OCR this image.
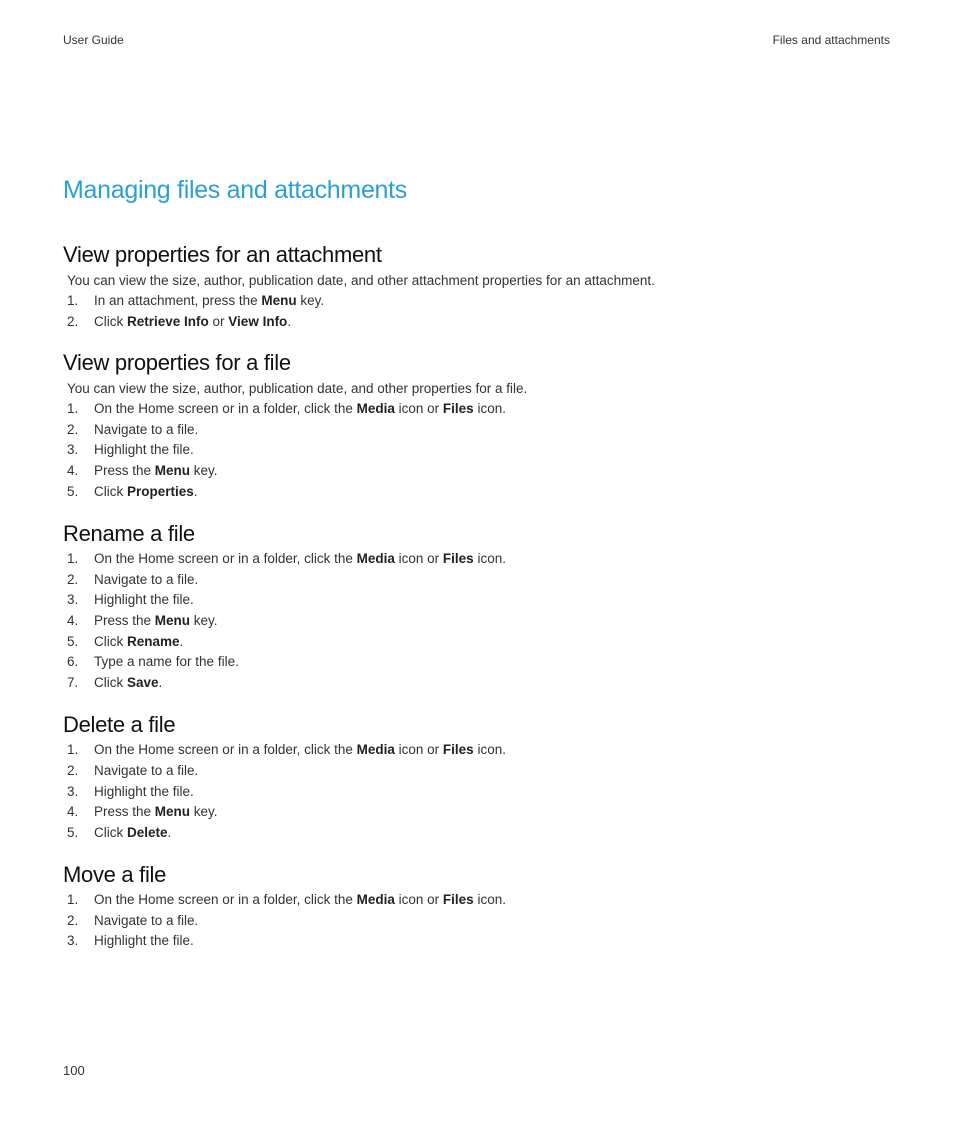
User Guide	Files and attachments
Managing files and attachments
View properties for an attachment

You can view the size, author, publication date, and other attachment properties for an attachment.

1.	In an attachment, press the Menu key.
2.	Click Retrieve Info or View Info.
View properties for a file

You can view the size, author, publication date, and other properties for a file.

1.	On the Home screen or in a folder, click the Media icon or Files icon.
2.	Navigate to a file.
3.	Highlight the file.
4.	Press the Menu key.
5.	Click Properties.
Rename a file
1.	On the Home screen or in a folder, click the Media icon or Files icon.
2.	Navigate to a file.
3.	Highlight the file.
4.	Press the Menu key.
5.	Click Rename.
6.	Type a name for the file.
7.	Click Save.
Delete a file
1.	On the Home screen or in a folder, click the Media icon or Files icon.
2.	Navigate to a file.
3.	Highlight the file.
4.	Press the Menu key.
5.	Click Delete.
Move a file
1.	On the Home screen or in a folder, click the Media icon or Files icon.
2.	Navigate to a file.
3.	Highlight the file.
100
